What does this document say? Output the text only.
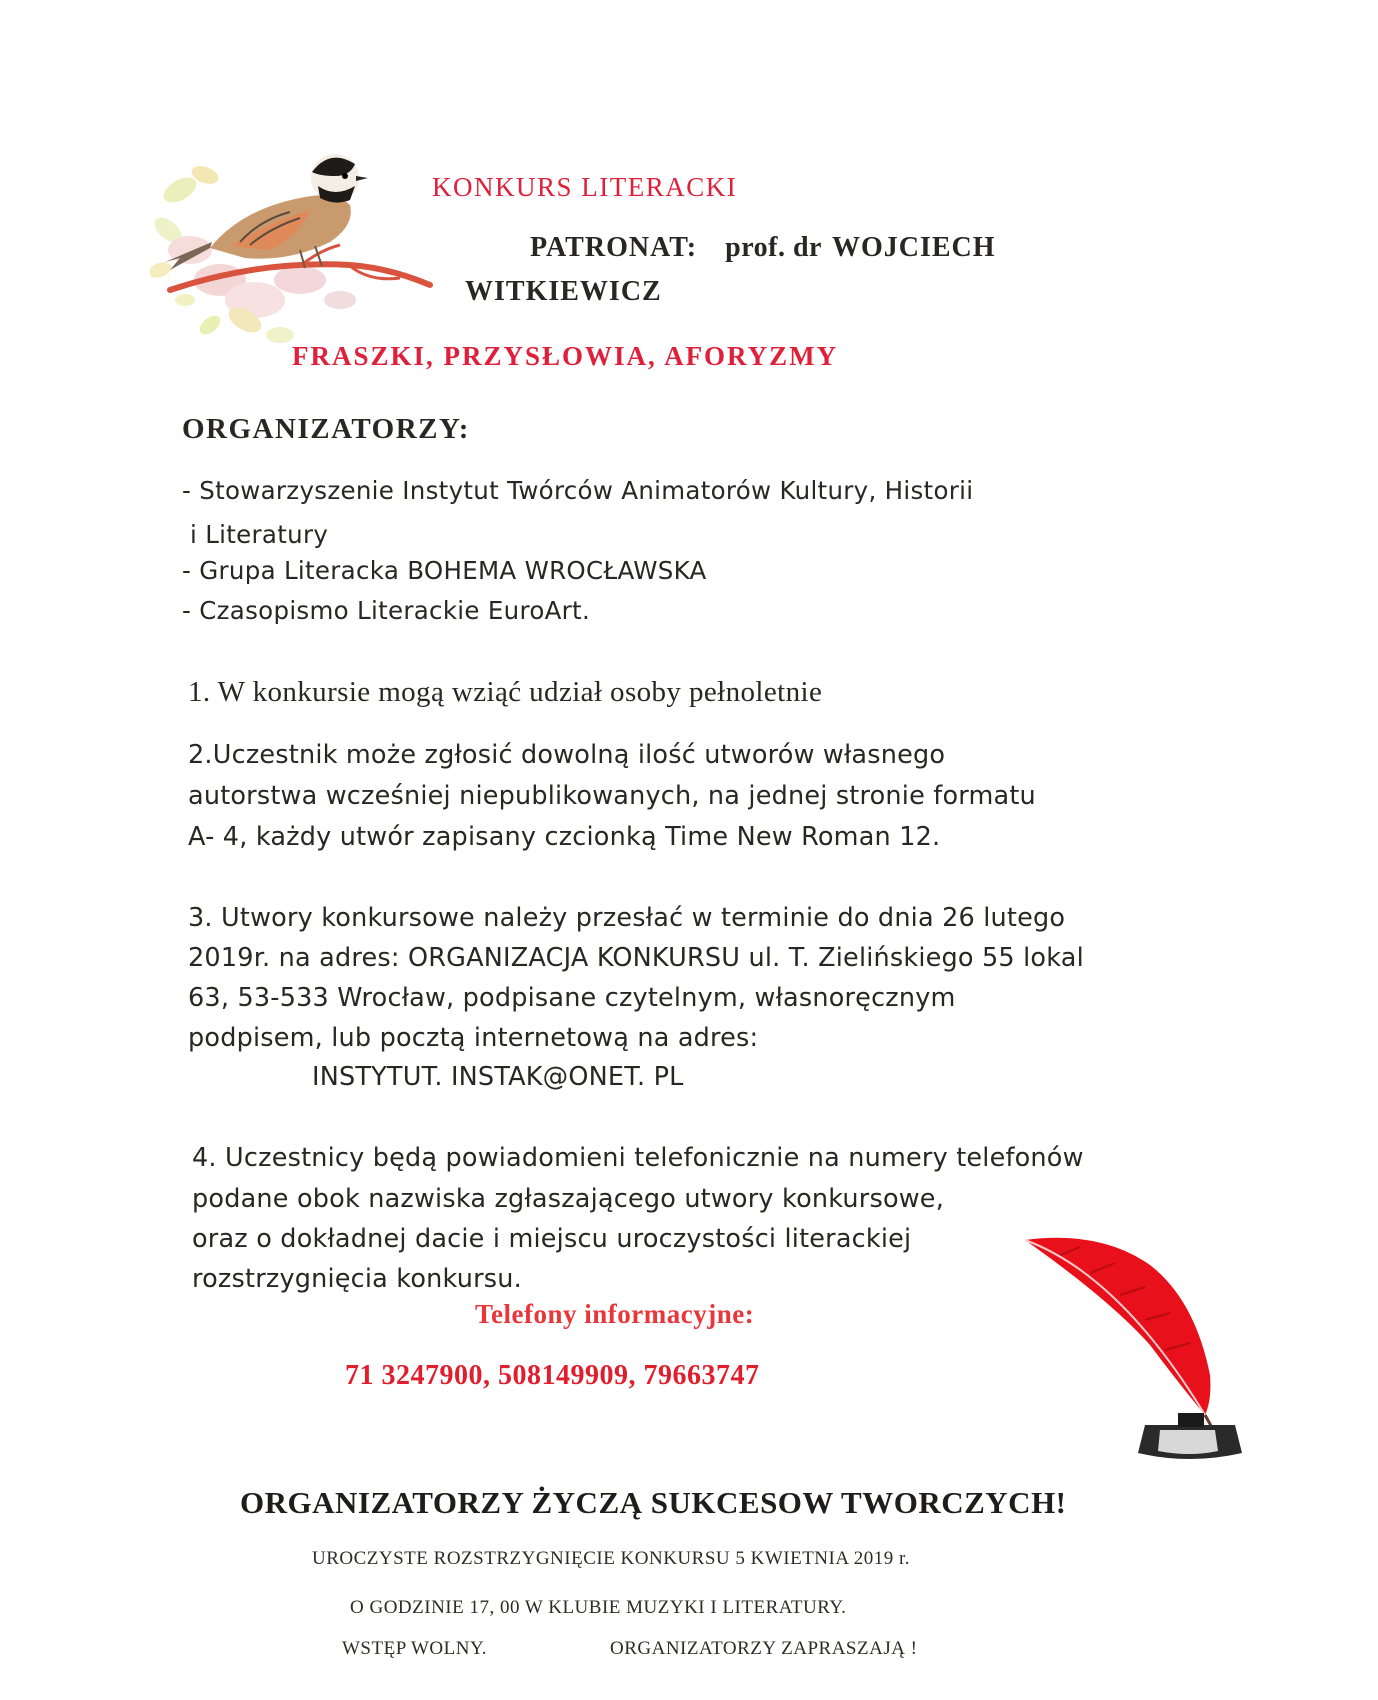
KONKURS LITERACKI
PATRONAT: prof. dr WOJCIECH
WITKIEWICZ
FRASZKI, PRZYSŁOWIA, AFORYZMY
ORGANIZATORZY:
- Stowarzyszenie Instytut Twórców Animatorów Kultury, Historii
i Literatury
- Grupa Literacka BOHEMA WROCŁAWSKA
- Czasopismo Literackie EuroArt.
1. W konkursie mogą wziąć udział osoby pełnoletnie
2.Uczestnik może zgłosić dowolną ilość utworów własnego
autorstwa wcześniej niepublikowanych, na jednej stronie formatu
A- 4, każdy utwór zapisany czcionką Time New Roman 12.
3. Utwory konkursowe należy przesłać w terminie do dnia 26 lutego
2019r. na adres: ORGANIZACJA KONKURSU ul. T. Zielińskiego 55 lokal
63, 53-533 Wrocław, podpisane czytelnym, własnoręcznym
podpisem, lub pocztą internetową na adres:
INSTYTUT. INSTAK@ONET. PL
4. Uczestnicy będą powiadomieni telefonicznie na numery telefonów
podane obok nazwiska zgłaszającego utwory konkursowe,
oraz o dokładnej dacie i miejscu uroczystości literackiej
rozstrzygnięcia konkursu.
Telefony informacyjne:
71 3247900, 508149909, 79663747
ORGANIZATORZY ŻYCZĄ SUKCESOW TWORCZYCH!
UROCZYSTE ROZSTRZYGNIĘCIE KONKURSU 5 KWIETNIA 2019 r.
O GODZINIE 17, 00 W KLUBIE MUZYKI I LITERATURY.
WSTĘP WOLNY.	ORGANIZATORZY ZAPRASZAJĄ !
